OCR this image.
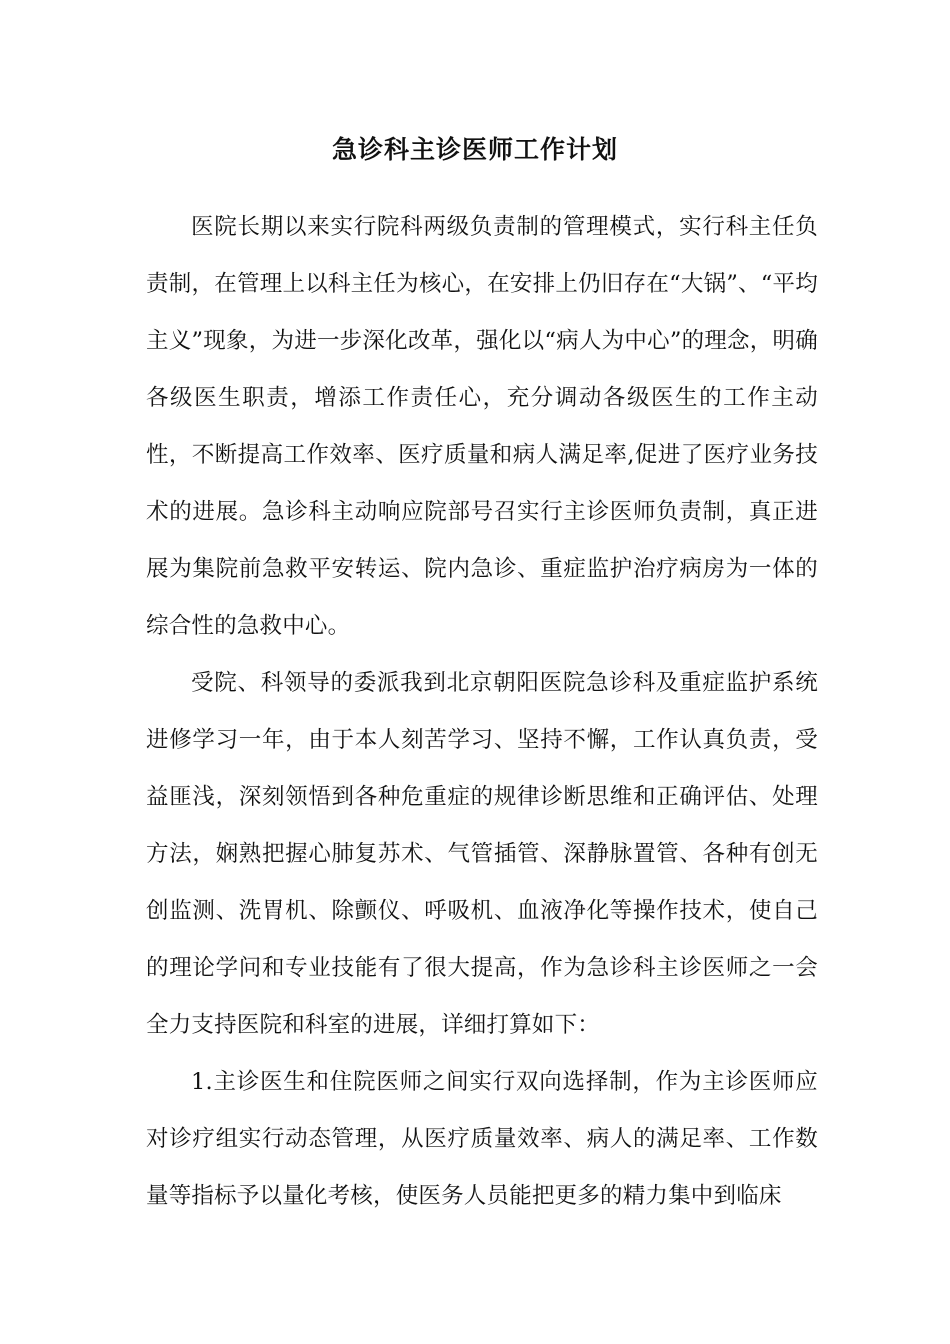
急诊科主诊医师工作计划

医院长期以来实行院科两级负责制的管理模式，实行科主任负责制，在管理上以科主任为核心，在安排上仍旧存在“大锅”、“平均主义”现象，为进一步深化改革，强化以“病人为中心”的理念，明确各级医生职责，增添工作责任心，充分调动各级医生的工作主动性，不断提高工作效率、医疗质量和病人满足率,促进了医疗业务技术的进展。急诊科主动响应院部号召实行主诊医师负责制，真正进展为集院前急救平安转运、院内急诊、重症监护治疗病房为一体的综合性的急救中心。

受院、科领导的委派我到北京朝阳医院急诊科及重症监护系统进修学习一年，由于本人刻苦学习、坚持不懈，工作认真负责，受益匪浅，深刻领悟到各种危重症的规律诊断思维和正确评估、处理方法，娴熟把握心肺复苏术、气管插管、深静脉置管、各种有创无创监测、洗胃机、除颤仪、呼吸机、血液净化等操作技术，使自己的理论学问和专业技能有了很大提高，作为急诊科主诊医师之一会全力支持医院和科室的进展，详细打算如下：

1.主诊医生和住院医师之间实行双向选择制，作为主诊医师应对诊疗组实行动态管理，从医疗质量效率、病人的满足率、工作数量等指标予以量化考核，使医务人员能把更多的精力集中到临床
